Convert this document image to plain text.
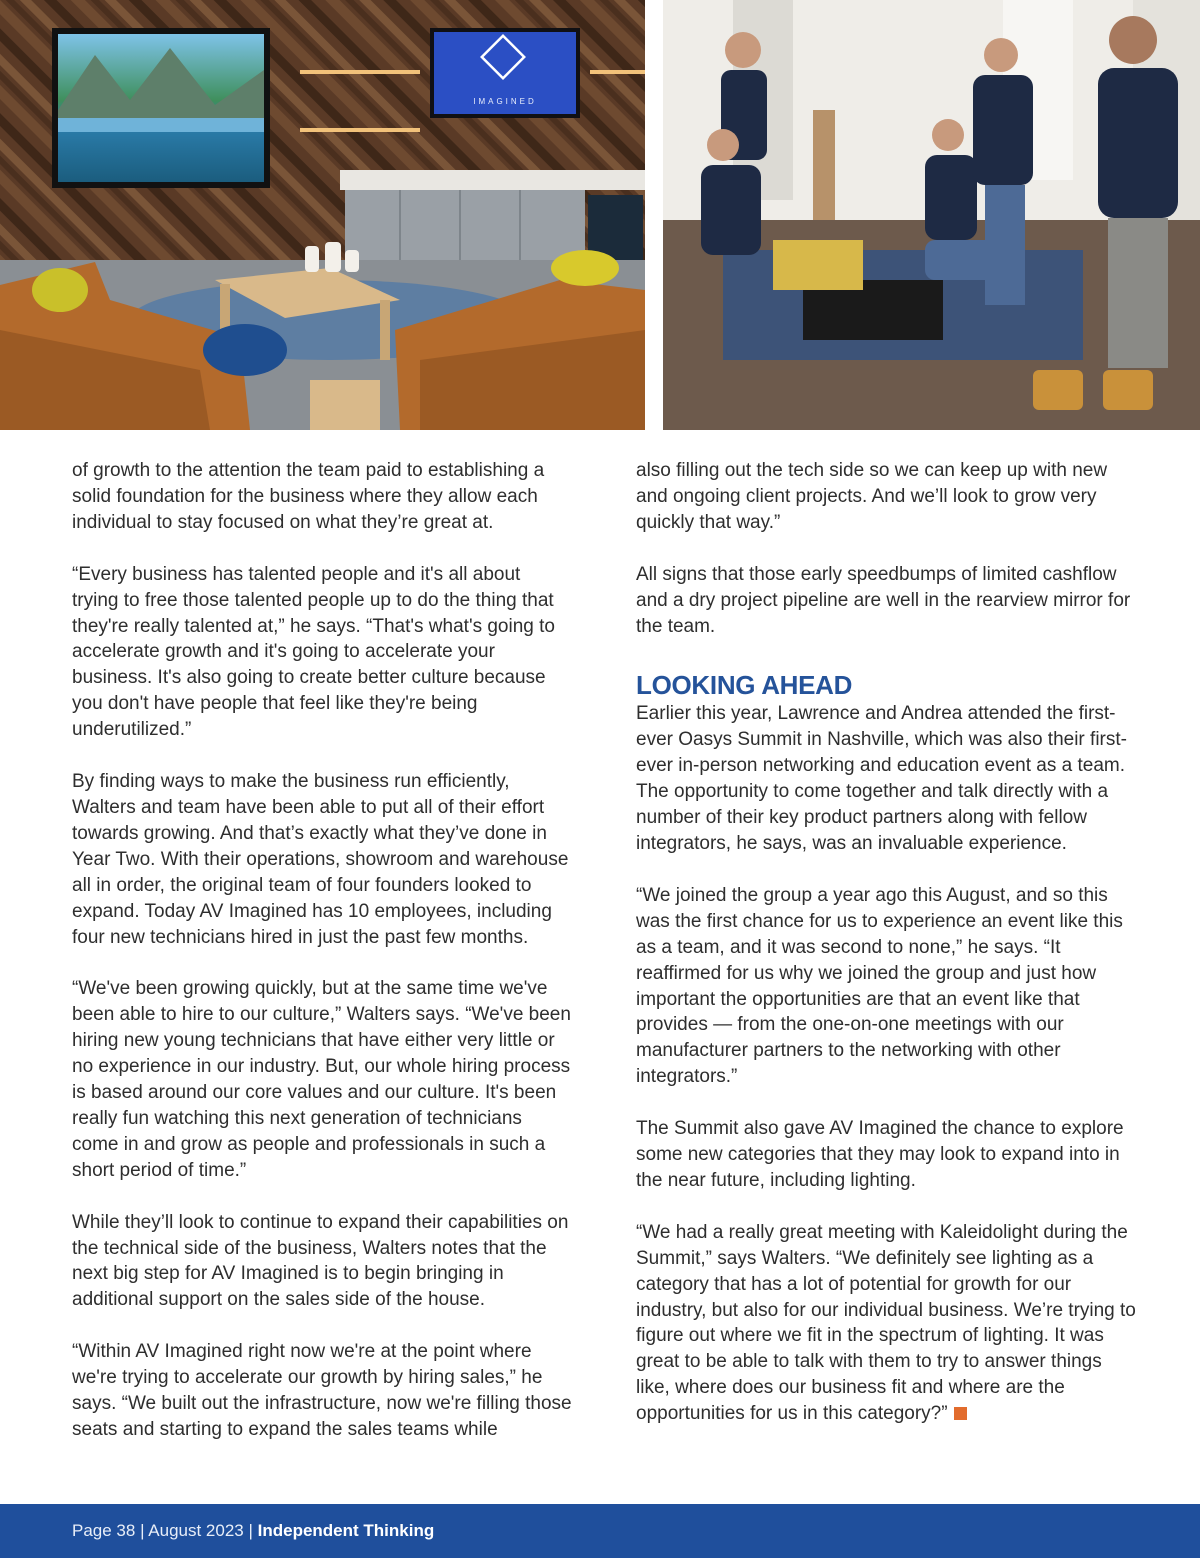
IMAGINED

of growth to the attention the team paid to establishing a solid foundation for the business where they allow each individual to stay focused on what they’re great at.

“Every business has talented people and it's all about trying to free those talented people up to do the thing that they're really talented at,” he says. “That's what's going to accelerate growth and it's going to accelerate your business. It's also going to create better culture because you don't have people that feel like they're being underutilized.”

By finding ways to make the business run efficiently, Walters and team have been able to put all of their effort towards growing. And that’s exactly what they’ve done in Year Two. With their operations, showroom and warehouse all in order, the original team of four founders looked to expand. Today AV Imagined has 10 employees, including four new technicians hired in just the past few months.

“We've been growing quickly, but at the same time we've been able to hire to our culture,” Walters says. “We've been hiring new young technicians that have either very little or no experience in our industry. But, our whole hiring process is based around our core values and our culture. It's been really fun watching this next generation of technicians come in and grow as people and professionals in such a short period of time.”

While they’ll look to continue to expand their capabilities on the technical side of the business, Walters notes that the next big step for AV Imagined is to begin bringing in additional support on the sales side of the house.

“Within AV Imagined right now we're at the point where we're trying to accelerate our growth by hiring sales,” he says. “We built out the infrastructure, now we're filling those seats and starting to expand the sales teams while

also filling out the tech side so we can keep up with new and ongoing client projects. And we’ll look to grow very quickly that way.”

All signs that those early speedbumps of limited cashflow and a dry project pipeline are well in the rearview mirror for the team.

LOOKING AHEAD

Earlier this year, Lawrence and Andrea attended the first-ever Oasys Summit in Nashville, which was also their first-ever in-person networking and education event as a team. The opportunity to come together and talk directly with a number of their key product partners along with fellow integrators, he says, was an invaluable experience.

“We joined the group a year ago this August, and so this was the first chance for us to experience an event like this as a team, and it was second to none,” he says. “It reaffirmed for us why we joined the group and just how important the opportunities are that an event like that provides — from the one-on-one meetings with our manufacturer partners to the networking with other integrators.”

The Summit also gave AV Imagined the chance to explore some new categories that they may look to expand into in the near future, including lighting.

“We had a really great meeting with Kaleidolight during the Summit,” says Walters. “We definitely see lighting as a category that has a lot of potential for growth for our industry, but also for our individual business. We’re trying to figure out where we fit in the spectrum of lighting. It was great to be able to talk with them to try to answer things like, where does our business fit and where are the opportunities for us in this category?”

Page 38 | August 2023 | Independent Thinking
